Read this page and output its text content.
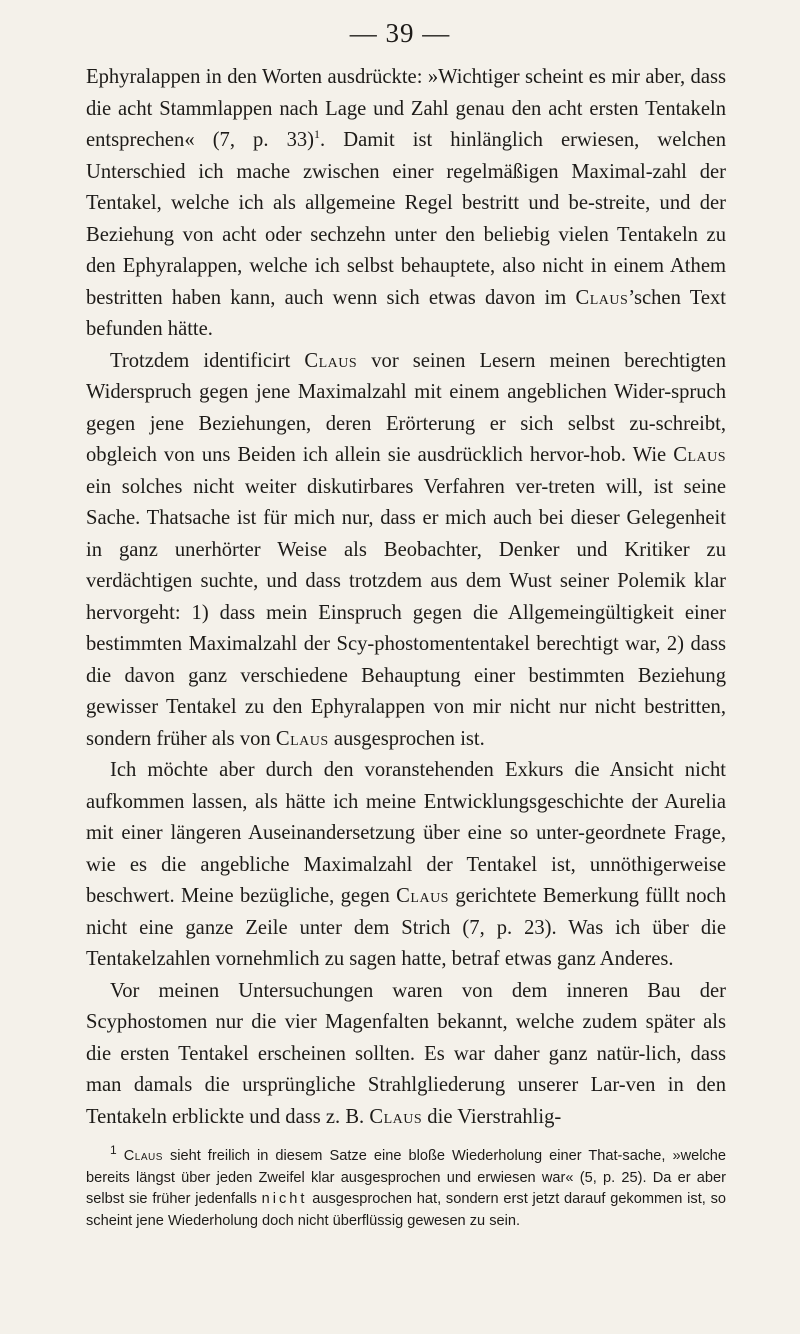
— 39 —

Ephyralappen in den Worten ausdrückte: »Wichtiger scheint es mir aber, dass die acht Stammlappen nach Lage und Zahl genau den acht ersten Tentakeln entsprechen« (7, p. 33)$^1$. Damit ist hinlänglich erwiesen, welchen Unterschied ich mache zwischen einer regelmäßigen Maximal-zahl der Tentakel, welche ich als allgemeine Regel bestritt und be-streite, und der Beziehung von acht oder sechzehn unter den beliebig vielen Tentakeln zu den Ephyralappen, welche ich selbst behauptete, also nicht in einem Athem bestritten haben kann, auch wenn sich etwas davon im Claus’schen Text befunden hätte.

Trotzdem identificirt Claus vor seinen Lesern meinen berechtigten Widerspruch gegen jene Maximalzahl mit einem angeblichen Wider-spruch gegen jene Beziehungen, deren Erörterung er sich selbst zu-schreibt, obgleich von uns Beiden ich allein sie ausdrücklich hervor-hob. Wie Claus ein solches nicht weiter diskutirbares Verfahren ver-treten will, ist seine Sache. Thatsache ist für mich nur, dass er mich auch bei dieser Gelegenheit in ganz unerhörter Weise als Beobachter, Denker und Kritiker zu verdächtigen suchte, und dass trotzdem aus dem Wust seiner Polemik klar hervorgeht: 1) dass mein Einspruch gegen die Allgemeingültigkeit einer bestimmten Maximalzahl der Scy-phostomententakel berechtigt war, 2) dass die davon ganz verschiedene Behauptung einer bestimmten Beziehung gewisser Tentakel zu den Ephyralappen von mir nicht nur nicht bestritten, sondern früher als von Claus ausgesprochen ist.

Ich möchte aber durch den voranstehenden Exkurs die Ansicht nicht aufkommen lassen, als hätte ich meine Entwicklungsgeschichte der Aurelia mit einer längeren Auseinandersetzung über eine so unter-geordnete Frage, wie es die angebliche Maximalzahl der Tentakel ist, unnöthigerweise beschwert. Meine bezügliche, gegen Claus gerichtete Bemerkung füllt noch nicht eine ganze Zeile unter dem Strich (7, p. 23). Was ich über die Tentakelzahlen vornehmlich zu sagen hatte, betraf etwas ganz Anderes.

Vor meinen Untersuchungen waren von dem inneren Bau der Scyphostomen nur die vier Magenfalten bekannt, welche zudem später als die ersten Tentakel erscheinen sollten. Es war daher ganz natür-lich, dass man damals die ursprüngliche Strahlgliederung unserer Lar-ven in den Tentakeln erblickte und dass z. B. Claus die Vierstrahlig-

$^1$ Claus sieht freilich in diesem Satze eine bloße Wiederholung einer That-sache, »welche bereits längst über jeden Zweifel klar ausgesprochen und erwiesen war« (5, p. 25). Da er aber selbst sie früher jedenfalls nicht ausgesprochen hat, sondern erst jetzt darauf gekommen ist, so scheint jene Wiederholung doch nicht überflüssig gewesen zu sein.
